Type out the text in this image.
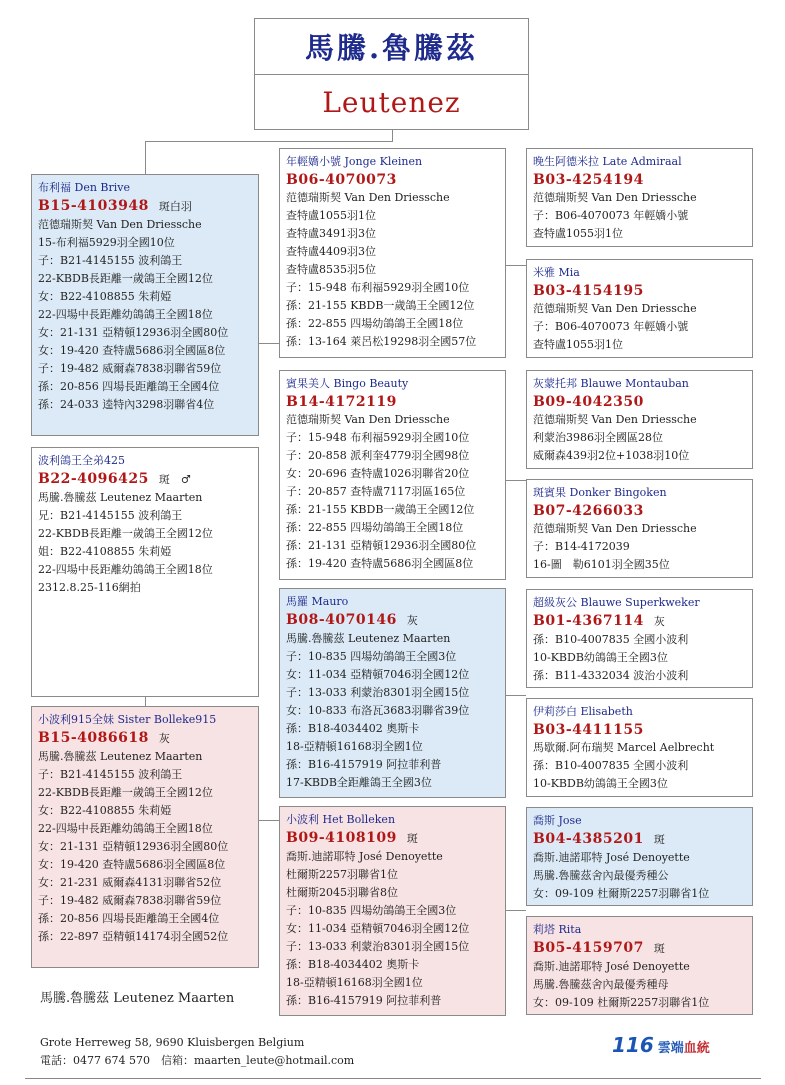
馬騰.魯騰茲
Leutenez
布利福 Den Brive
B15-4103948 斑白羽
范德瑞斯契 Van Den Driessche
15-布利福5929羽全國10位
子：B21-4145155 波利鴿王
22-KBDB長距離一歲鴿王全國12位
女：B22-4108855 朱莉婭
22-四場中長距離幼鴿鴿王全國18位
女：21-131 亞精頓12936羽全國80位
女：19-420 查特盧5686羽全國區8位
子：19-482 威爾森7838羽聯省59位
孫：20-856 四場長距離鴿王全國4位
孫：24-033 逵特內3298羽聯省4位
波利鴿王全弟425
B22-4096425 斑　♂
馬騰.魯騰茲 Leutenez Maarten
兄：B21-4145155 波利鴿王
22-KBDB長距離一歲鴿王全國12位
姐：B22-4108855 朱莉婭
22-四場中長距離幼鴿鴿王全國18位
2312.8.25-116網拍
小波利915全妹 Sister Bolleke915
B15-4086618 灰
馬騰.魯騰茲 Leutenez Maarten
子：B21-4145155 波利鴿王
22-KBDB長距離一歲鴿王全國12位
女：B22-4108855 朱莉婭
22-四場中長距離幼鴿鴿王全國18位
女：21-131 亞精頓12936羽全國80位
女：19-420 查特盧5686羽全國區8位
女：21-231 威爾森4131羽聯省52位
子：19-482 威爾森7838羽聯省59位
孫：20-856 四場長距離鴿王全國4位
孫：22-897 亞精頓14174羽全國52位
年輕嬌小號 Jonge Kleinen
B06-4070073
范德瑞斯契 Van Den Driessche
查特盧1055羽1位
查特盧3491羽3位
查特盧4409羽3位
查特盧8535羽5位
子：15-948 布利福5929羽全國10位
孫：21-155 KBDB一歲鴿王全國12位
孫：22-855 四場幼鴿鴿王全國18位
孫：13-164 萊呂松19298羽全國57位
賓果美人 Bingo Beauty
B14-4172119
范德瑞斯契 Van Den Driessche
子：15-948 布利福5929羽全國10位
子：20-858 派利奎4779羽全國98位
女：20-696 查特盧1026羽聯省20位
子：20-857 查特盧7117羽區165位
孫：21-155 KBDB一歲鴿王全國12位
孫：22-855 四場幼鴿鴿王全國18位
孫：21-131 亞精頓12936羽全國80位
孫：19-420 查特盧5686羽全國區8位
馬羅 Mauro
B08-4070146 灰
馬騰.魯騰茲 Leutenez Maarten
子：10-835 四場幼鴿鴿王全國3位
女：11-034 亞精頓7046羽全國12位
子：13-033 利蒙治8301羽全國15位
女：10-833 布洛瓦3683羽聯省39位
孫：B18-4034402 奧斯卡
18-亞精頓16168羽全國1位
孫：B16-4157919 阿拉菲利普
17-KBDB全距離鴿王全國3位
小波利 Het Bolleken
B09-4108109 斑
喬斯.迪諾耶特 José Denoyette
杜爾斯2257羽聯省1位
杜爾斯2045羽聯省8位
子：10-835 四場幼鴿鴿王全國3位
女：11-034 亞精頓7046羽全國12位
子：13-033 利蒙治8301羽全國15位
孫：B18-4034402 奧斯卡
18-亞精頓16168羽全國1位
孫：B16-4157919 阿拉菲利普
晚生阿德米拉 Late Admiraal
B03-4254194
范德瑞斯契 Van Den Driessche
子：B06-4070073 年輕嬌小號
查特盧1055羽1位
米雅 Mia
B03-4154195
范德瑞斯契 Van Den Driessche
子：B06-4070073 年輕嬌小號
查特盧1055羽1位
灰蒙托邦 Blauwe Montauban
B09-4042350
范德瑞斯契 Van Den Driessche
利蒙治3986羽全國區28位
威爾森439羽2位+1038羽10位
斑賓果 Donker Bingoken
B07-4266033
范德瑞斯契 Van Den Driessche
子：B14-4172039
16-圖　勒6101羽全國35位
超級灰公 Blauwe Superkweker
B01-4367114 灰
孫：B10-4007835 全國小波利
10-KBDB幼鴿鴿王全國3位
孫：B11-4332034 波治小波利
伊莉莎白 Elisabeth
B03-4411155
馬歇爾.阿布瑞契 Marcel Aelbrecht
孫：B10-4007835 全國小波利
10-KBDB幼鴿鴿王全國3位
喬斯 Jose
B04-4385201 斑
喬斯.迪諾耶特 José Denoyette
馬騰.魯騰茲舍內最優秀種公
女：09-109 杜爾斯2257羽聯省1位
莉塔 Rita
B05-4159707 斑
喬斯.迪諾耶特 José Denoyette
馬騰.魯騰茲舍內最優秀種母
女：09-109 杜爾斯2257羽聯省1位
馬騰.魯騰茲 Leutenez Maarten
Grote Herreweg 58, 9690 Kluisbergen Belgium
電話：0477 674 570　信箱：maarten_leute@hotmail.com
116 雲端血統
